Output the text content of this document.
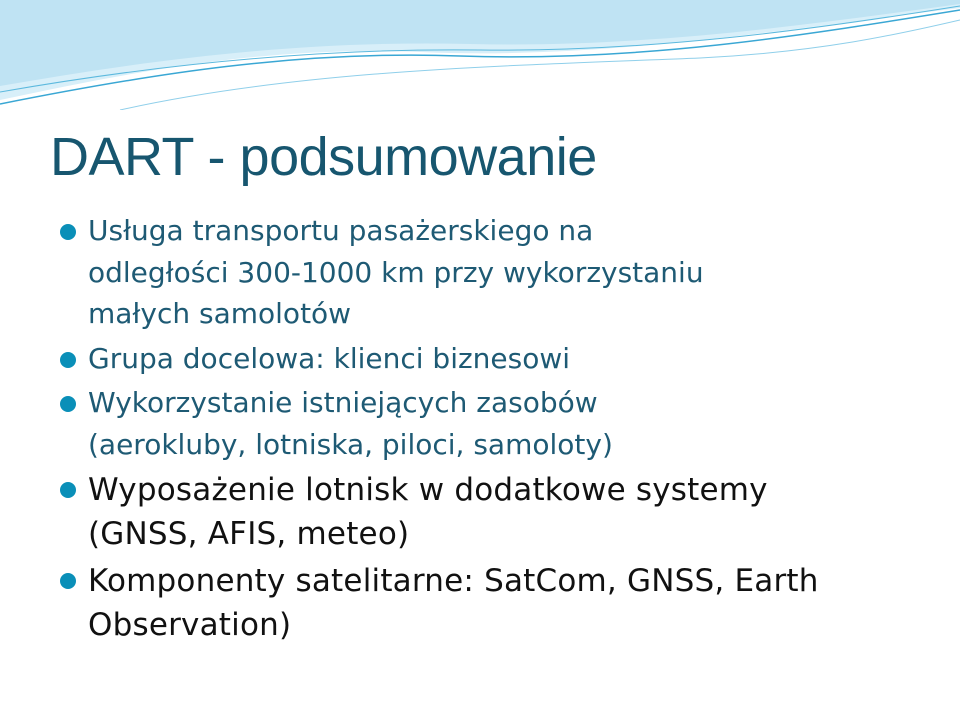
DART - podsumowanie
Usługa transportu pasażerskiego na
odległości 300-1000 km przy wykorzystaniu
małych samolotów
Grupa docelowa: klienci biznesowi
Wykorzystanie istniejących zasobów
(aerokluby, lotniska, piloci, samoloty)
Wyposażenie lotnisk w dodatkowe systemy
(GNSS, AFIS, meteo)
Komponenty satelitarne: SatCom, GNSS, Earth
Observation)
